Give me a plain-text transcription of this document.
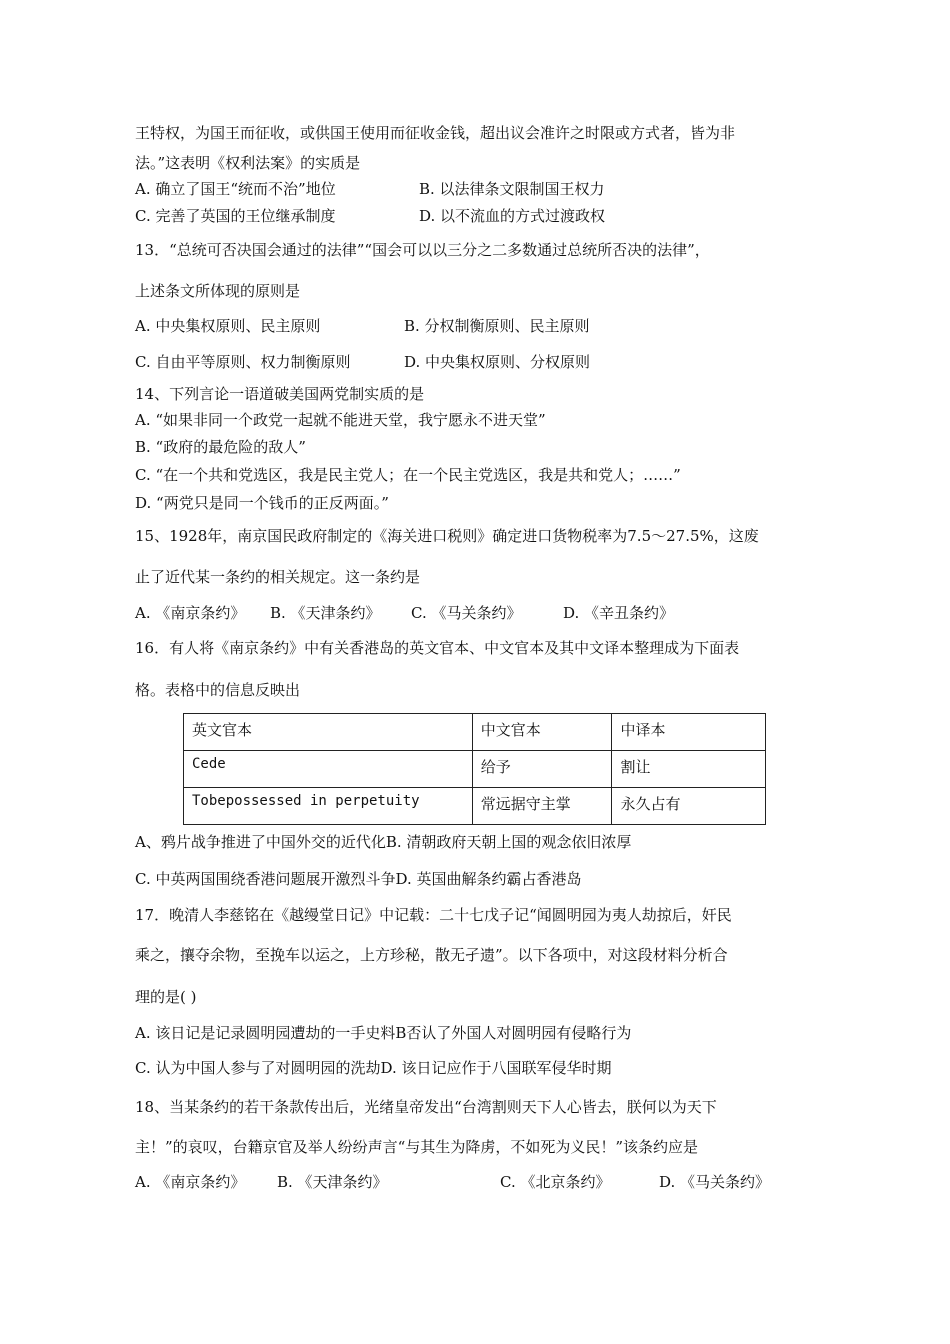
王特权，为国王而征收，或供国王使用而征收金钱，超出议会准许之时限或方式者，皆为非
法。”这表明《权利法案》的实质是
A. 确立了国王“统而不治”地位	B. 以法律条文限制国王权力
C. 完善了英国的王位继承制度	D. 以不流血的方式过渡政权
13．“总统可否决国会通过的法律”“国会可以以三分之二多数通过总统所否决的法律”，
上述条文所体现的原则是
A. 中央集权原则、民主原则	B. 分权制衡原则、民主原则
C. 自由平等原则、权力制衡原则	D. 中央集权原则、分权原则
14、下列言论一语道破美国两党制实质的是
A. “如果非同一个政党一起就不能进天堂，我宁愿永不进天堂”
B. “政府的最危险的敌人”
C. “在一个共和党选区，我是民主党人；在一个民主党选区，我是共和党人；……”
D. “两党只是同一个钱币的正反两面。”
15、1928年，南京国民政府制定的《海关进口税则》确定进口货物税率为7.5～27.5%，这废
止了近代某一条约的相关规定。这一条约是
A. 《南京条约》 B. 《天津条约》 C. 《马关条约》	D. 《辛丑条约》
16．有人将《南京条约》中有关香港岛的英文官本、中文官本及其中文译本整理成为下面表
格。表格中的信息反映出
英文官本	中文官本	中译本
Cede	给予	割让
Tobepossessed in perpetuity	常远据守主掌	永久占有
A、鸦片战争推进了中国外交的近代化B. 清朝政府天朝上国的观念依旧浓厚
C. 中英两国围绕香港问题展开激烈斗争D. 英国曲解条约霸占香港岛
17．晚清人李慈铭在《越缦堂日记》中记载：二十七戊子记“闻圆明园为夷人劫掠后，奸民
乘之，攘夺余物，至挽车以运之，上方珍秘，散无孑遗”。以下各项中，对这段材料分析合
理的是( )
A. 该日记是记录圆明园遭劫的一手史料B否认了外国人对圆明园有侵略行为
C. 认为中国人参与了对圆明园的洗劫D. 该日记应作于八国联军侵华时期
18、当某条约的若干条款传出后，光绪皇帝发出“台湾割则天下人心皆去，朕何以为天下
主！”的哀叹，台籍京官及举人纷纷声言“与其生为降虏，不如死为义民！”该条约应是
A. 《南京条约》 B. 《天津条约》	C. 《北京条约》	D. 《马关条约》
